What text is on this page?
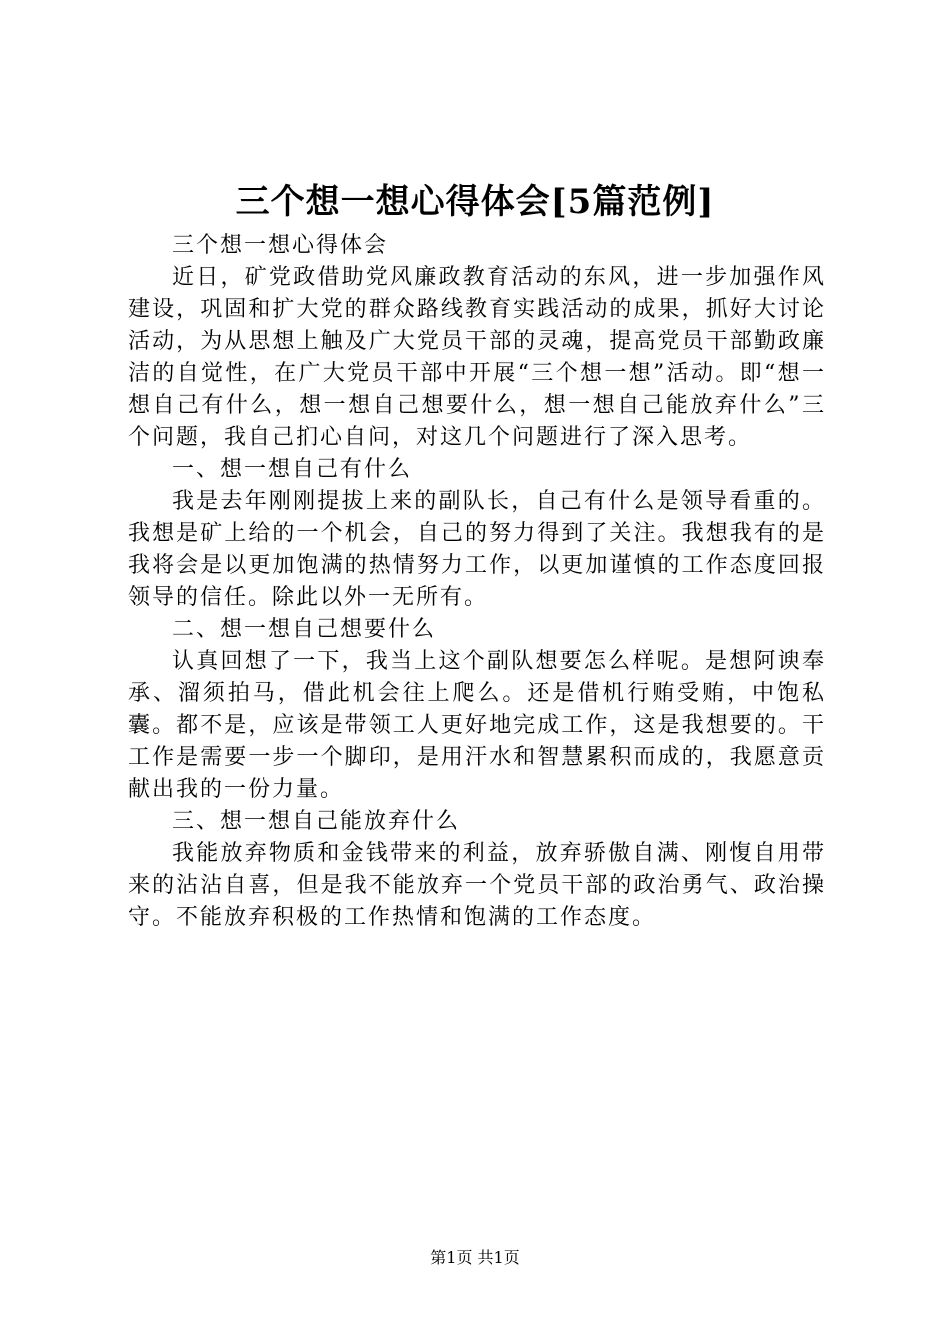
三个想一想心得体会[5篇范例]

三个想一想心得体会

近日，矿党政借助党风廉政教育活动的东风，进一步加强作风建设，巩固和扩大党的群众路线教育实践活动的成果，抓好大讨论活动，为从思想上触及广大党员干部的灵魂，提高党员干部勤政廉洁的自觉性，在广大党员干部中开展“三个想一想”活动。即“想一想自己有什么，想一想自己想要什么，想一想自己能放弃什么”三个问题，我自己扪心自问，对这几个问题进行了深入思考。

一、想一想自己有什么

我是去年刚刚提拔上来的副队长，自己有什么是领导看重的。我想是矿上给的一个机会，自己的努力得到了关注。我想我有的是我将会是以更加饱满的热情努力工作，以更加谨慎的工作态度回报领导的信任。除此以外一无所有。

二、想一想自己想要什么

认真回想了一下，我当上这个副队想要怎么样呢。是想阿谀奉承、溜须拍马，借此机会往上爬么。还是借机行贿受贿，中饱私囊。都不是，应该是带领工人更好地完成工作，这是我想要的。干工作是需要一步一个脚印，是用汗水和智慧累积而成的，我愿意贡献出我的一份力量。

三、想一想自己能放弃什么

我能放弃物质和金钱带来的利益，放弃骄傲自满、刚愎自用带来的沾沾自喜，但是我不能放弃一个党员干部的政治勇气、政治操守。不能放弃积极的工作热情和饱满的工作态度。

第1页 共1页
